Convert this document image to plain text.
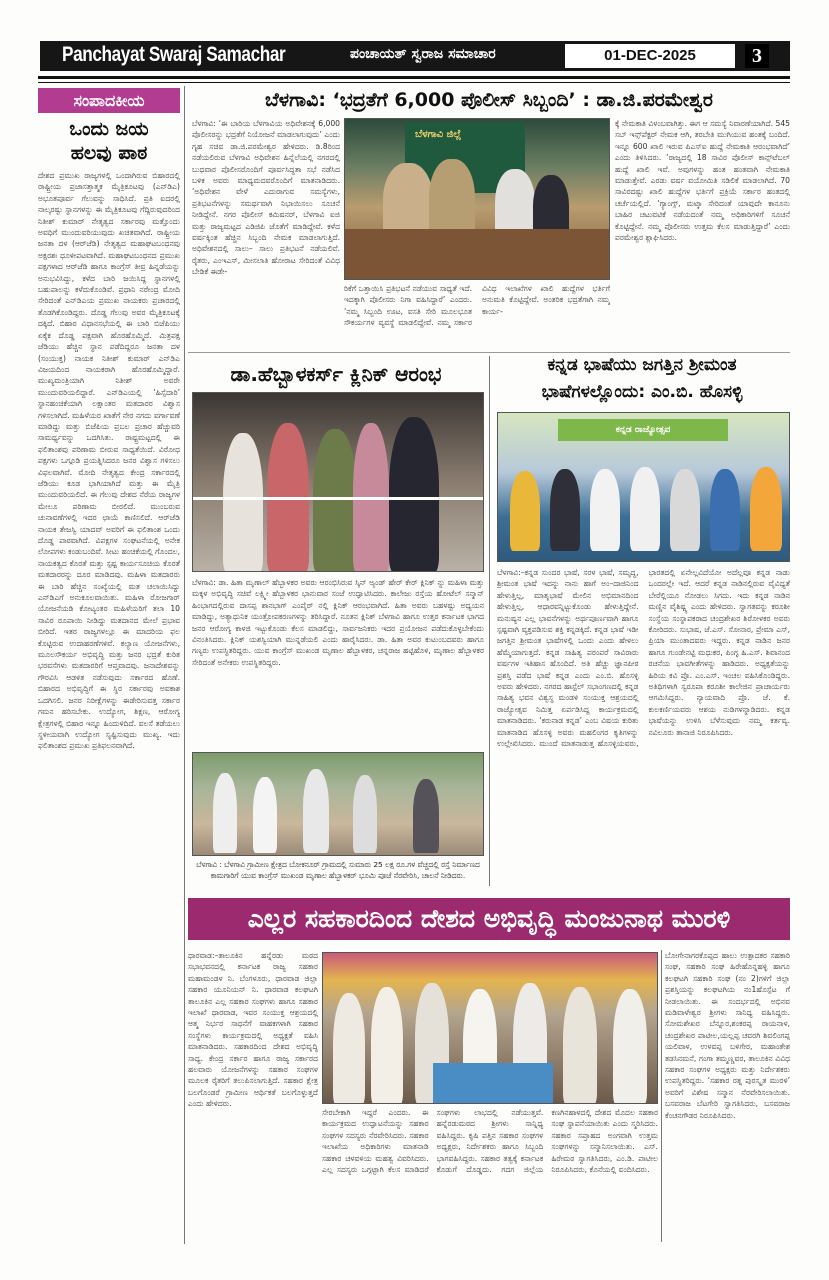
Panchayat Swaraj Samachar	ಪಂಚಾಯತ್ ಸ್ವರಾಜ ಸಮಾಚಾರ	01-DEC-2025	3
ಸಂಪಾದಕೀಯ
ಒಂದು ಜಯ
ಹಲವು ಪಾಠ
ದೇಶದ ಪ್ರಮುಖ ರಾಜ್ಯಗಳಲ್ಲಿ ಒಂದಾಗಿರುವ ಬಿಹಾರದಲ್ಲಿ ರಾಷ್ಟ್ರೀಯ ಪ್ರಜಾಸತ್ತಾತ್ಮಕ ಮೈತ್ರಿಕೂಟವು (ಎನ್‌ಡಿಎ) ಅಭೂತಪೂರ್ವ ಗೆಲುವನ್ನು ಸಾಧಿಸಿದೆ. ಪ್ರತಿ ಐದರಲ್ಲಿ ನಾಲ್ಕರಷ್ಟು ಸ್ಥಾನಗಳನ್ನು ಈ ಮೈತ್ರಿಕೂಟವು ಗೆದ್ದಿರುವುದರಿಂದ ನಿತೀಶ್ ಕುಮಾರ್ ನೇತೃತ್ವದ ಸರ್ಕಾರವು ಮತ್ತೊಂದು ಅವಧಿಗೆ ಮುಂದುವರಿಯುವುದು ಖಚಿತವಾಗಿದೆ. ರಾಷ್ಟ್ರೀಯ ಜನತಾ ದಳ (ಆರ್‌ಜೆಡಿ) ನೇತೃತ್ವದ ಮಹಾಘಟಬಂಧನವು ಅಕ್ಷರಶಃ ಧೂಳೀಪಟವಾಗಿದೆ. ಮಹಾಘಟಬಂಧನದ ಪ್ರಮುಖ ಪಕ್ಷಗಳಾದ ಆರ್‌ಜೆಡಿ ಹಾಗೂ ಕಾಂಗ್ರೆಸ್ ತೀವ್ರ ಹಿನ್ನಡೆಯನ್ನು ಅನುಭವಿಸಿದ್ದು, ಕಳೆದ ಬಾರಿ ಜಯಿಸಿದ್ದ ಸ್ಥಾನಗಳಲ್ಲಿ ಬಹುಪಾಲನ್ನು ಕಳೆದುಕೊಂಡಿವೆ. ಪ್ರಧಾನಿ ನರೇಂದ್ರ ಮೋದಿ ಸೇರಿದಂತೆ ಎನ್‌ಡಿಎಯ ಪ್ರಮುಖ ನಾಯಕರು ಪ್ರಚಾರದಲ್ಲಿ ತೊಡಗಿಕೊಂಡಿದ್ದರು. ದೊಡ್ಡ ಗೆಲುವು ಅವರ ಮೈತ್ರಿಕೂಟಕ್ಕೆ ದಕ್ಕಿದೆ. ಬಿಹಾರ ವಿಧಾನಸಭೆಯಲ್ಲಿ ಈ ಬಾರಿ ಬಿಜೆಪಿಯು ಏಕೈಕ ದೊಡ್ಡ ಪಕ್ಷವಾಗಿ ಹೊರಹೊಮ್ಮಿದೆ. ಮಿತ್ರಪಕ್ಷ ಜೆಡಿಯು ಹೆಚ್ಚಿನ ಸ್ಥಾನ ಪಡೆದಿದ್ದರೂ ಜನತಾ ದಳ (ಸಂಯುಕ್ತ) ನಾಯಕ ನಿತೀಶ್ ಕುಮಾರ್ ಎನ್‌ಡಿಎ ವಿಜಯದಿಂದ ನಾಯಕರಾಗಿ ಹೊರಹೊಮ್ಮಿದ್ದಾರೆ. ಮುಖ್ಯಮಂತ್ರಿಯಾಗಿ ನಿತೀಶ್ ಅವರೇ ಮುಂದುವರಿಯಲಿದ್ದಾರೆ. ಎನ್‌ಡಿಎಯಲ್ಲಿ ‘ಹಿಸ್ಸೆದಾರಿ’ ಸ್ಥಾನಹಂಚಿಕೆಯಾಗಿ ಲಕ್ಷಾಂತರ ಮತದಾರರ ವಿಶ್ವಾಸ ಗಳಿಸಲಾಗಿದೆ. ಮಹಿಳೆಯರ ಖಾತೆಗೆ ನೇರ ನಗದು ವರ್ಗಾವಣೆ ಮಾಡಿದ್ದು ಮತ್ತು ಬಿಜೆಪಿಯ ಪ್ರಬಲ ಪ್ರಚಾರ ಹೆಚ್ಚುವರಿ ಸಾಮರ್ಥ್ಯವನ್ನು ಒದಗಿಸಿತು. ರಾಷ್ಟ್ರಮಟ್ಟದಲ್ಲಿ ಈ ಫಲಿತಾಂಶವು ಪರಿಣಾಮ ಬೀರುವ ಸಾಧ್ಯತೆಯಿದೆ. ವಿರೋಧ ಪಕ್ಷಗಳು ಒಗ್ಗೂಡಿ ಪ್ರಯತ್ನಿಸಿದರೂ ಜನರ ವಿಶ್ವಾಸ ಗಳಿಸಲು ವಿಫಲವಾಗಿವೆ. ಮೋದಿ ನೇತೃತ್ವದ ಕೇಂದ್ರ ಸರ್ಕಾರದಲ್ಲಿ ಜೆಡಿಯು ಕೂಡ ಭಾಗಿಯಾಗಿದೆ ಮತ್ತು ಈ ಮೈತ್ರಿ ಮುಂದುವರಿಯಲಿದೆ. ಈ ಗೆಲುವು ದೇಶದ ನೆರೆಯ ರಾಜ್ಯಗಳ ಮೇಲೂ ಪರಿಣಾಮ ಬೀರಲಿದೆ. ಮುಂಬರುವ ಚುನಾವಣೆಗಳಲ್ಲಿ ಇದರ ಛಾಯೆ ಕಾಣಿಸಲಿದೆ. ಆರ್‌ಜೆಡಿ ನಾಯಕ ತೇಜಸ್ವಿ ಯಾದವ್ ಅವರಿಗೆ ಈ ಫಲಿತಾಂಶ ಒಂದು ದೊಡ್ಡ ಪಾಠವಾಗಿದೆ. ವಿಪಕ್ಷಗಳ ಸಂಘಟನೆಯಲ್ಲಿ ಅನೇಕ ಲೋಪಗಳು ಕಂಡುಬಂದಿವೆ. ಸೀಟು ಹಂಚಿಕೆಯಲ್ಲಿ ಗೊಂದಲ, ನಾಯಕತ್ವದ ಕೊರತೆ ಮತ್ತು ಸ್ಪಷ್ಟ ಕಾರ್ಯಸೂಚಿಯ ಕೊರತೆ ಮತದಾರರನ್ನು ದೂರ ಮಾಡಿದವು. ಮಹಿಳಾ ಮತದಾರರು ಈ ಬಾರಿ ಹೆಚ್ಚಿನ ಸಂಖ್ಯೆಯಲ್ಲಿ ಮತ ಚಲಾಯಿಸಿದ್ದು ಎನ್‌ಡಿಎಗೆ ಅನುಕೂಲವಾಯಿತು. ಮಹಿಳಾ ರೋಜಗಾರ್ ಯೋಜನೆಯಡಿ ಕೋಟ್ಯಂತರ ಮಹಿಳೆಯರಿಗೆ ತಲಾ 10 ಸಾವಿರ ರೂಪಾಯಿ ನೀಡಿದ್ದು ಮತದಾನದ ಮೇಲೆ ಪ್ರಭಾವ ಬೀರಿದೆ. ಇತರ ರಾಜ್ಯಗಳಲ್ಲೂ ಈ ಮಾದರಿಯ ಫಲ ಕೊಟ್ಟಿರುವ ಉದಾಹರಣೆಗಳಿವೆ. ಕಲ್ಯಾಣ ಯೋಜನೆಗಳು, ಮೂಲಸೌಕರ್ಯ ಅಭಿವೃದ್ಧಿ ಮತ್ತು ಜನರ ಭದ್ರತೆ ಕುರಿತ ಭರವಸೆಗಳು ಮತದಾರರಿಗೆ ಆಪ್ತವಾದವು. ಜನಾದೇಶವನ್ನು ಗೌರವಿಸಿ ಆಡಳಿತ ನಡೆಸುವುದು ಸರ್ಕಾರದ ಹೊಣೆ. ಬಿಹಾರದ ಅಭಿವೃದ್ಧಿಗೆ ಈ ಸ್ಥಿರ ಸರ್ಕಾರವು ಅವಕಾಶ ಒದಗಿಸಲಿ. ಜನರ ನಿರೀಕ್ಷೆಗಳನ್ನು ಈಡೇರಿಸುವತ್ತ ಸರ್ಕಾರ ಗಮನ ಹರಿಸಬೇಕು. ಉದ್ಯೋಗ, ಶಿಕ್ಷಣ, ಆರೋಗ್ಯ ಕ್ಷೇತ್ರಗಳಲ್ಲಿ ಬಿಹಾರ ಇನ್ನೂ ಹಿಂದುಳಿದಿದೆ. ವಲಸೆ ತಡೆಯಲು ಸ್ಥಳೀಯವಾಗಿ ಉದ್ಯೋಗ ಸೃಷ್ಟಿಸುವುದು ಮುಖ್ಯ. ಇದು ಫಲಿತಾಂಶದ ಪ್ರಮುಖ ಪ್ರತಿಫಲನವಾಗಿದೆ.
ಬೆಳಗಾವಿ: ‘ಭದ್ರತೆಗೆ 6,000 ಪೊಲೀಸ್ ಸಿಬ್ಬಂದಿ’ : ಡಾ.ಜಿ.ಪರಮೇಶ್ವರ
ಬೆಳಗಾವಿ: ‘ಈ ಬಾರಿಯ ಬೆಳಗಾವಿಯ ಅಧಿವೇಶನಕ್ಕೆ 6,000 ಪೊಲೀಸರನ್ನು ಭದ್ರತೆಗೆ ನಿಯೋಜನೆ ಮಾಡಲಾಗುವುದು’ ಎಂದು ಗೃಹ ಸಚಿವ ಡಾ.ಜಿ.ಪರಮೇಶ್ವರ ಹೇಳಿದರು. ಡಿ.8ರಿಂದ ನಡೆಯಲಿರುವ ಬೆಳಗಾವಿ ಅಧಿವೇಶನ ಹಿನ್ನೆಲೆಯಲ್ಲಿ ನಗರದಲ್ಲಿ ಬುಧವಾರ ಪೊಲೀಸರೊಂದಿಗೆ ಪೂರ್ವಸಿದ್ಧತಾ ಸಭೆ ನಡೆಸಿದ ಬಳಿಕ ಅವರು ಮಾಧ್ಯಮದವರೊಂದಿಗೆ ಮಾತನಾಡಿದರು. ‘ಅಧಿವೇಶನ ವೇಳೆ ಎದುರಾಗುವ ಸಮಸ್ಯೆಗಳು, ಪ್ರತಿಭಟನೆಗಳನ್ನು ಸಮರ್ಥವಾಗಿ ನಿಭಾಯಿಸಲು ಸೂಚನೆ ನೀಡಿದ್ದೇನೆ. ನಗರ ಪೊಲೀಸ್ ಕಮಿಷನರ್, ಬೆಳಗಾವಿ ಐಜಿ ಮತ್ತು ರಾಜ್ಯಮಟ್ಟದ ಎಡಿಜಿಪಿ ಜೊತೆಗೆ ಮಾಡಿದ್ದೇವೆ. ಕಳೆದ ವರ್ಷಕ್ಕಿಂತ ಹೆಚ್ಚಿನ ಸಿಬ್ಬಂದಿ ನೇಮಕ ಮಾಡಲಾಗುತ್ತಿದೆ. ಅಧಿವೇಶನದಲ್ಲಿ ಸಾಲು– ಸಾಲು ಪ್ರತಿಭಟನೆ ನಡೆಯಲಿವೆ. ರೈತರು, ಎಂಇಎಸ್, ಮೀಸಲಾತಿ ಹೋರಾಟ ಸೇರಿದಂತೆ ವಿವಿಧ ಬೇಡಿಕೆ ಈಡೇ-
ಬೆಳಗಾವಿ ಜಿಲ್ಲೆ
ರಿಕೆಗೆ ಒತ್ತಾಯಿಸಿ ಪ್ರತಿಭಟನೆ ನಡೆಯುವ ಸಾಧ್ಯತೆ ಇದೆ. ಇದಕ್ಕಾಗಿ ಪೊಲೀಸರು ನಿಗಾ ವಹಿಸಿದ್ದಾರೆ’ ಎಂದರು. ‘ನಮ್ಮ ಸಿಬ್ಬಂದಿ ಊಟ, ವಸತಿ ಸೇರಿ ಮೂಲಭೂತ ಸೌಕರ್ಯಗಳ ವ್ಯವಸ್ಥೆ ಮಾಡಲಿದ್ದೇವೆ. ನಮ್ಮ ಸರ್ಕಾರ ವಿವಿಧ ಇಲಾಖೆಗಳ ಖಾಲಿ ಹುದ್ದೆಗಳ ಭರ್ತಿಗೆ ಅನುಮತಿ ಕೊಟ್ಟಿದ್ದೇವೆ. ಅಂತರಿಕ ಭದ್ರತೆಗಾಗಿ ನಮ್ಮ ಕಾರ್ಯ-
ಕ್ಕೆ ನೇಮಕಾತಿ ವಿಳಂಬವಾಗಿತ್ತು. ಈಗ ಆ ಸಮಸ್ಯೆ ನಿವಾರಣೆಯಾಗಿದೆ. 545 ಸಬ್ ಇನ್ಸ್‌ಪೆಕ್ಟರ್ ನೇಮಕ ಆಗಿ, ತರಬೇತಿ ಮುಗಿಯುವ ಹಂತಕ್ಕೆ ಬಂದಿದೆ. ಇನ್ನೂ 600 ಖಾಲಿ ಇರುವ ಪಿಎಸ್ಐ ಹುದ್ದೆ ನೇಮಕಾತಿ ಆರಂಭವಾಗಿದೆ’ ಎಂದು ತಿಳಿಸಿದರು. ‘ರಾಜ್ಯದಲ್ಲಿ 18 ಸಾವಿರ ಪೊಲೀಸ್ ಕಾನ್ಸ್‌ಟೆಬಲ್ ಹುದ್ದೆ ಖಾಲಿ ಇವೆ. ಅವುಗಳನ್ನು ಹಂತ ಹಂತವಾಗಿ ನೇಮಕಾತಿ ಮಾಡುತ್ತೇವೆ. ಎರಡು ವರ್ಷ ವಯೋಮಿತಿ ಸಡಿಲಿಕೆ ಮಾಡಲಾಗಿದೆ. 70 ಸಾವಿರದಷ್ಟು ಖಾಲಿ ಹುದ್ದೆಗಳ ಭರ್ತಿಗೆ ಪ್ರಕ್ರಿಯೆ ಸರ್ಕಾರ ಹಂತದಲ್ಲಿ ಚರ್ಚೆಯಲ್ಲಿದೆ. ‘ಗ್ಯಾಂಗ್ಸ್, ಮಟ್ಕಾ ಸೇರಿದಂತೆ ಯಾವುದೇ ಕಾನೂನು ಬಾಹಿರ ಚಟುವಟಿಕೆ ನಡೆಯದಂತೆ ನಮ್ಮ ಅಧಿಕಾರಿಗಳಿಗೆ ಸೂಚನೆ ಕೊಟ್ಟಿದ್ದೇನೆ. ನಮ್ಮ ಪೊಲೀಸರು ಉತ್ತಮ ಕೆಲಸ ಮಾಡುತ್ತಿದ್ದಾರೆ’ ಎಂದು ಪರಮೇಶ್ವರ ಶ್ಲಾಘಿಸಿದರು.
ಡಾ.ಹೆಬ್ಬಾಳಕರ್ಸ್ ಕ್ಲಿನಿಕ್ ಆರಂಭ
ಬೆಳಗಾವಿ: ಡಾ. ಹಿತಾ ಮೃಣಾಲ್ ಹೆಬ್ಬಾಳಕರ ಅವರು ಆರಂಭಿಸಿರುವ ಸ್ಕಿನ್ ಅ್ಯಂಡ್ ಹೇರ್ ಕೇರ್ ಕ್ಲಿನಿಕ್ ನ್ನು ಮಹಿಳಾ ಮತ್ತು ಮಕ್ಕಳ ಅಭಿವೃದ್ಧಿ ಸಚಿವೆ ಲಕ್ಷ್ಮೀ ಹೆಬ್ಬಾಳಕರ ಭಾನುವಾರ ಸಂಜೆ ಉದ್ಘಾಟಿಸಿದರು. ಕಾಲೇಜು ರಸ್ತೆಯ ಹೋಟೆಲ್ ಸನ್ಮಾನ್ ಹಿಂಭಾಗದಲ್ಲಿರುವ ದಾಸಪ್ಪ ಶಾನಭಾಗ್ ಎಂಪೈರ್ ನಲ್ಲಿ ಕ್ಲಿನಿಕ್ ಆರಂಭವಾಗಿದೆ. ಹಿತಾ ಅವರು ಬಹಳಷ್ಟು ಅಧ್ಯಯನ ಮಾಡಿದ್ದು, ಅತ್ಯಾಧುನಿಕ ಯಂತ್ರೋಪಕರಣಗಳನ್ನು ತರಿಸಿದ್ದಾರೆ. ನೂತನ ಕ್ಲಿನಿಕ್ ಬೆಳಗಾವಿ ಹಾಗೂ ಉತ್ತರ ಕರ್ನಾಟಕ ಭಾಗದ ಜನರ ಆರೋಗ್ಯ ಕಾಳಜಿ ಇಟ್ಟುಕೊಂಡು ಕೆಲಸ ಮಾಡಲಿದ್ದು, ಸಾರ್ವಜನಿಕರು ಇದರ ಪ್ರಯೋಜನ ಪಡೆದುಕೊಳ್ಳಬೇಕೆಂದು ವಿನಂತಿಸಿದರು. ಕ್ಲಿನಿಕ್ ಯಶಸ್ವಿಯಾಗಿ ಮುನ್ನಡೆಯಲಿ ಎಂದು ಹಾರೈಸಿದರು. ಡಾ. ಹಿತಾ ಅವರ ಕುಟುಂಬದವರು ಹಾಗೂ ಗಣ್ಯರು ಉಪಸ್ಥಿತರಿದ್ದರು. ಯುವ ಕಾಂಗ್ರೆಸ್ ಮುಖಂಡ ಮೃಣಾಲ ಹೆಬ್ಬಾಳಕರ, ಚನ್ನರಾಜ ಹಟ್ಟಿಹೊಳಿ, ಮೃಣಾಲ ಹೆಬ್ಬಾಳಕರ ಸೇರಿದಂತೆ ಅನೇಕರು ಉಪಸ್ಥಿತರಿದ್ದರು.
ಬೆಳಗಾವಿ : ಬೆಳಗಾವಿ ಗ್ರಾಮೀಣ ಕ್ಷೇತ್ರದ ಬೋಕನೂರ್ ಗ್ರಾಮದಲ್ಲಿ ಸುಮಾರು 25 ಲಕ್ಷ ರೂ.ಗಳ ವೆಚ್ಚದಲ್ಲಿ ರಸ್ತೆ ನಿರ್ಮಾಣದ ಕಾಮಗಾರಿಗೆ ಯುವ ಕಾಂಗ್ರೆಸ್ ಮುಖಂಡ ಮೃಣಾಲ ಹೆಬ್ಬಾಳಕರ್ ಭೂಮಿ ಪೂಜೆ ನೆರವೇರಿಸಿ, ಚಾಲನೆ ನೀಡಿದರು.
ಕನ್ನಡ ಭಾಷೆಯು ಜಗತ್ತಿನ ಶ್ರೀಮಂತ
ಭಾಷೆಗಳಲ್ಲೊಂದು: ಎಂ.ಬಿ. ಹೊಸಳ್ಳಿ
ಕನ್ನಡ ರಾಜ್ಯೋತ್ಸವ
ಬೆಳಗಾವಿ:–ಕನ್ನಡ ಸುಂದರ ಭಾಷೆ, ಸರಳ ಭಾಷೆ, ಸಮೃದ್ಧ, ಶ್ರೀಮಂತ ಭಾಷೆ ಇದನ್ನು ನಾನು ಹಾಗೆ ಅಂ–ದಾಜಿನಿಂದ ಹೇಳುತ್ತಿಲ್ಲ, ಮಾತೃಭಾಷೆ ಮೇಲಿನ ಅಭಿಮಾನದಿಂದ ಹೇಳುತ್ತಿಲ್ಲ, ಆಧಾರವನ್ನಿಟ್ಟುಕೊಂಡು ಹೇಳುತ್ತಿದ್ದೇನೆ. ಮನುಷ್ಯನ ಎಲ್ಲ ಭಾವನೆಗಳನ್ನು ಅರ್ಥಪೂರ್ಣವಾಗಿ ಹಾಗೂ ಸ್ಪಷ್ಟವಾಗಿ ವ್ಯಕ್ತಪಡಿಸುವ ಶಕ್ತಿ ಕನ್ನಡಕ್ಕಿದೆ. ಕನ್ನಡ ಭಾಷೆ ಇಡೀ ಜಗತ್ತಿನ ಶ್ರೀಮಂತ ಭಾಷೆಗಳಲ್ಲಿ ಒಂದು ಎಂದು ಹೇಳಲು ಹೆಮ್ಮೆಯಾಗುತ್ತದೆ. ಕನ್ನಡ ಸಾಹಿತ್ಯ ಪರಂಪರೆ ಸಾವಿರಾರು ವರ್ಷಗಳ ಇತಿಹಾಸ ಹೊಂದಿದೆ. ಅತಿ ಹೆಚ್ಚು ಜ್ಞಾನಪೀಠ ಪ್ರಶಸ್ತಿ ಪಡೆದ ಭಾಷೆ ಕನ್ನಡ ಎಂದು ಎಂ.ಬಿ. ಹೊಸಳ್ಳಿ ಅವರು ಹೇಳಿದರು. ನಗರದ ಹಾಸ್ಟೆಲ್ ಸಭಾಂಗಣದಲ್ಲಿ ಕನ್ನಡ ಸಾಹಿತ್ಯ ಭವನ ವಿಶ್ವಸ್ಥ ಮಂಡಳಿ ಸಂಯುಕ್ತ ಆಶ್ರಯದಲ್ಲಿ ರಾಜ್ಯೋತ್ಸವ ನಿಮಿತ್ತ ಏರ್ಪಡಿಸಿದ್ದ ಕಾರ್ಯಕ್ರಮದಲ್ಲಿ ಮಾತನಾಡಿದರು. ‘ಕರುನಾಡ ಕನ್ನಡ’ ಎಂಬ ವಿಷಯ ಕುರಿತು ಮಾತನಾಡಿದ ಹೊಸಳ್ಳಿ ಅವರು ಮಹಲಿಂಗರ ಕೃತಿಗಳನ್ನು ಉಲ್ಲೇಖಿಸಿದರು. ಮುಂದೆ ಮಾತನಾಡುತ್ತ ಹೊಸಳ್ಳಿಯವರು, ಭಾರತದಲ್ಲಿ ಏನೇಲ್ಲವಿದೆಯೋ ಅದೆಲ್ಲವೂ ಕನ್ನಡ ನಾಡು ಒಂದರಲ್ಲೇ ಇದೆ. ಆದರೆ ಕನ್ನಡ ನಾಡಿನಲ್ಲಿರುವ ವೈವಿಧ್ಯತೆ ಬೇರೆಲ್ಲಿಯೂ ನೋಡಲು ಸಿಗದು. ಇದು ಕನ್ನಡ ನಾಡಿನ ಮಣ್ಣಿನ ವೈಶಿಷ್ಟ್ಯ ಎಂದು ಹೇಳಿದರು. ಸ್ವಾಗತವನ್ನು ಕರೂಶೀ ಸಂಸ್ಥೆಯ ಸಂಸ್ಥಾಪಕರಾದ ಚಂದ್ರಶೇಖರ ಶಿರೋಳಕರ ಅವರು ಕೋರಿದರು. ಸುಭಾಷ, ಜೆ.ಎಸ್. ಸೋನಾರ, ಪ್ರೇಮಾ ಎಸ್, ಪ್ರಿಯಾ ಮುಂತಾದವರು ಇದ್ದರು. ಕನ್ನಡ ನಾಡಿನ ಜನರ ಹಾಗೂ ಗುಂಡೇನಟ್ಟಿ ಮಧುಕರ, ಪಿಂಗ್ಳ ಹಿ.ಎಸ್. ಶಿವಾನಂದ ರಚನೆಯ ಭಾವಗೀತೆಗಳನ್ನು ಹಾಡಿದರು. ಅಧ್ಯಕ್ಷತೆಯನ್ನು ಹಿರಿಯ ಕವಿ ಪ್ರೊ. ಎಂ.ಎಸ್. ಇಂಚಲ ವಹಿಸಿಕೊಂಡಿದ್ದರು. ಅತಿಥಿಗಳಾಗಿ ಸ್ವರೂಪಾ ಕರೂಶೀ ಕಾಲೇಜಿನ ಪ್ರಾಚಾರ್ಯರು ಆಗಮಿಸಿದ್ದರು. ನ್ಯಾಯವಾದಿ ಪ್ರೊ. ಜೆ. ಕೆ. ಕುಲಕರ್ಣಿಯವರು ಆಶಯ ನುಡಿಗಳನ್ನಾಡಿದರು. ಕನ್ನಡ ಭಾಷೆಯನ್ನು ಉಳಿಸಿ ಬೆಳೆಸುವುದು ನಮ್ಮ ಕರ್ತವ್ಯ. ನವಿಲೂರು ತಾನಾಜಿ ನಿರೂಪಿಸಿದರು.
ಎಲ್ಲರ ಸಹಕಾರದಿಂದ ದೇಶದ ಅಭಿವೃದ್ಧಿ ಮಂಜುನಾಥ ಮುರಳಿ
ಧಾರವಾಡ:–ತಾಲೂಕಿನ ಹನ್ನೆರಡು ಮಠದ ಸಭಾಭವನದಲ್ಲಿ ಕರ್ನಾಟಕ ರಾಜ್ಯ ಸಹಕಾರ ಮಹಾಮಂಡಳ ನಿ. ಬೆಂಗಳೂರು, ಧಾರವಾಡ ಜಿಲ್ಲಾ ಸಹಕಾರ ಯೂನಿಯನ್ ನಿ. ಧಾರವಾಡ ಕಲಘಟಗಿ ತಾಲೂಕಿನ ಎಲ್ಲ ಸಹಕಾರ ಸಂಘಗಳು ಹಾಗೂ ಸಹಕಾರ ಇಲಾಖೆ ಧಾರವಾಡ, ಇವರ ಸಂಯುಕ್ತ ಆಶ್ರಯದಲ್ಲಿ ಆತ್ಮ ನಿರ್ಭರ ಸಾಧನೆಗೆ ವಾಹಕಗಳಾಗಿ ಸಹಕಾರ ಸಂಸ್ಥೆಗಳು ಕಾರ್ಯಕ್ರಮದಲ್ಲಿ ಅಧ್ಯಕ್ಷತೆ ವಹಿಸಿ ಮಾತನಾಡಿದರು. ಸಹಕಾರದಿಂದ ದೇಶದ ಅಭಿವೃದ್ಧಿ ಸಾಧ್ಯ. ಕೇಂದ್ರ ಸರ್ಕಾರ ಹಾಗೂ ರಾಜ್ಯ ಸರ್ಕಾರದ ಹಲವಾರು ಯೋಜನೆಗಳನ್ನು ಸಹಕಾರ ಸಂಘಗಳ ಮೂಲಕ ರೈತರಿಗೆ ತಲುಪಿಸಲಾಗುತ್ತಿದೆ. ಸಹಕಾರ ಕ್ಷೇತ್ರ ಬಲಗೊಂಡರೆ ಗ್ರಾಮೀಣ ಆರ್ಥಿಕತೆ ಬಲಗೊಳ್ಳುತ್ತದೆ ಎಂದು ಹೇಳಿದರು.
ಸೇರಬೇಕಾಗಿ ಇದ್ದರೆ ಎಂದರು. ಈ ಕಾರ್ಯಕ್ರಮದ ಉದ್ಘಾಟನೆಯನ್ನು ಸಹಕಾರ ಸಂಘಗಳ ಸದಸ್ಯರು ನೆರವೇರಿಸಿದರು. ಸಹಕಾರ ಇಲಾಖೆಯ ಅಧಿಕಾರಿಗಳು ಮಾತನಾಡಿ ಸಹಕಾರ ಚಳವಳಿಯ ಮಹತ್ವ ವಿವರಿಸಿದರು. ಎಲ್ಲ ಸದಸ್ಯರು ಒಗ್ಗಟ್ಟಾಗಿ ಕೆಲಸ ಮಾಡಿದರೆ ಸಂಘಗಳು ಲಾಭದಲ್ಲಿ ನಡೆಯುತ್ತವೆ. ಹನ್ನೆರಡುಮಠದ ಶ್ರೀಗಳು ಸಾನ್ನಿಧ್ಯ ವಹಿಸಿದ್ದರು. ಕೃಷಿ ಪತ್ತಿನ ಸಹಕಾರ ಸಂಘಗಳ ಅಧ್ಯಕ್ಷರು, ನಿರ್ದೇಶಕರು ಹಾಗೂ ಸಿಬ್ಬಂದಿ ಭಾಗವಹಿಸಿದ್ದರು. ಸಹಕಾರ ತತ್ವಕ್ಕೆ ಕರ್ನಾಟಕ ಕೊಡುಗೆ ದೊಡ್ಡದು. ಗದಗ ಜಿಲ್ಲೆಯ ಕಣಗಿನಹಾಳದಲ್ಲಿ ದೇಶದ ಮೊದಲ ಸಹಕಾರ ಸಂಘ ಸ್ಥಾಪನೆಯಾಯಿತು ಎಂದು ಸ್ಮರಿಸಿದರು. ಸಹಕಾರ ಸಪ್ತಾಹದ ಅಂಗವಾಗಿ ಉತ್ತಮ ಸಂಘಗಳನ್ನು ಸನ್ಮಾನಿಸಲಾಯಿತು. ಎಸ್. ಹಿರೇಮಠ ಸ್ವಾಗತಿಸಿದರು, ಎಂ.ಡಿ. ಪಾಟೀಲ ನಿರೂಪಿಸಿದರು, ಕೊನೆಯಲ್ಲಿ ವಂದಿಸಿದರು.
ಬೋಗೇನಾಗರಕೊಪ್ಪದ ಹಾಲು ಉತ್ಪಾದಕರ ಸಹಕಾರಿ ಸಂಘ, ಸಹಕಾರಿ ಸಂಘ ಹಿರೇಹೊನ್ನಹಳ್ಳಿ ಹಾಗೂ ಕಲಘಟಗಿ ಸಹಕಾರಿ ಸಂಘ (ನಂ 2)ಗಳಿಗೆ ಜಿಲ್ಲಾ ಪ್ರಶಸ್ತಿಯನ್ನು ಕಲಘಟಗಿಯ ನಂ1ಹೊಸ್ಪೆಟ ಗೆ ನೀಡಲಾಯಿತು. ಈ ಸಂದರ್ಭದಲ್ಲಿ ಅಭಿನವ ಮಡಿವಾಳೇಶ್ವರ ಶ್ರೀಗಳು ಸಾನಿಧ್ಯ ವಹಿಸಿದ್ದರು. ಸೋಮಶೇಖರ ಬೆನ್ನೂರ,ಶಂಕರಪ್ಪ ರಾಯನಾಳ, ಚಂದ್ರಶೇಖರ ಪಾಟೀಲ,ಯಲ್ಲಪ್ಪ ಚವರಗಿ ಶಿವಲಿಂಗಪ್ಪ ಯಲಿವಾಳ, ಉಳವಪ್ಪ ಬಳಿಗೇರ, ಮಹಾಂತೇಶ ತಡಸಿನಮನೆ, ಗಂಗಾ ತಮ್ಮಣ್ಣವರ, ತಾಲೂಕಿನ ವಿವಿಧ ಸಹಕಾರ ಸಂಘಗಳ ಅಧ್ಯಕ್ಷರು ಮತ್ತು ನಿರ್ದೇಶಕರು ಉಪಸ್ಥಿತರಿದ್ದರು. ‘ಸಹಕಾರ ರತ್ನ ಪುರಸ್ಕೃತ ಮುರಳಿ’ ಅವರಿಗೆ ವಿಶೇಷ ಸನ್ಮಾನ ನೆರವೇರಿಸಲಾಯಿತು. ಬಸವರಾಜ ಬೆಟಗೇರಿ ಸ್ವಾಗತಿಸಿದರು, ಬಸವರಾಜ ಕೆಂಚನಗೌಡರ ನಿರೂಪಿಸಿದರು.
